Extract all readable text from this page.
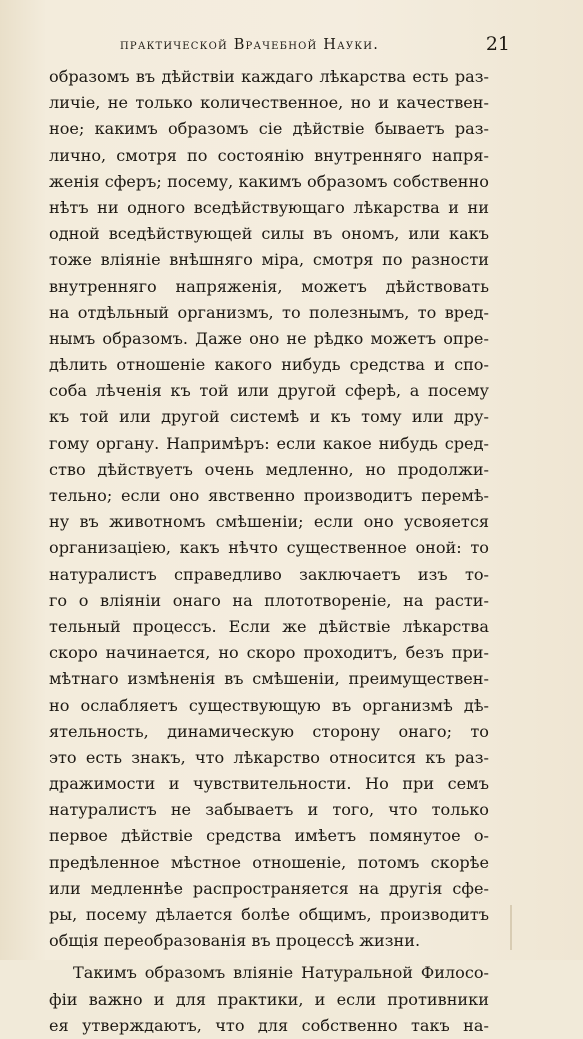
практической Врачебной Науки.	21
образомъ въ дѣйствіи каждаго лѣкарства есть раз-
личіе, не только количественное, но и качествен-
ное; какимъ образомъ сіе дѣйствіе бываетъ раз-
лично, смотря по состоянію внутренняго напря-
женія сферъ; посему, какимъ образомъ собственно
нѣтъ ни одного вседѣйствующаго лѣкарства и ни
одной вседѣйствующей силы въ ономъ, или какъ
тоже вліяніе внѣшняго міра, смотря по разности
внутренняго напряженія, можетъ дѣйствовать
на отдѣльный организмъ, то полезнымъ, то вред-
нымъ образомъ. Даже оно не рѣдко можетъ опре-
дѣлить отношеніе какого нибудь средства и спо-
соба лѣченія къ той или другой сферѣ, а посему
къ той или другой системѣ и къ тому или дру-
гому органу. Напримѣръ: если какое нибудь сред-
ство дѣйствуетъ очень медленно, но продолжи-
тельно; если оно явственно производитъ перемѣ-
ну въ животномъ смѣшеніи; если оно усвояется
организаціею, какъ нѣчто существенное оной: то
натуралистъ справедливо заключаетъ изъ то-
го о вліяніи онаго на плототвореніе, на расти-
тельный процессъ. Если же дѣйствіе лѣкарства
скоро начинается, но скоро проходитъ, безъ при-
мѣтнаго измѣненія въ смѣшеніи, преимуществен-
но ослабляетъ существующую въ организмѣ дѣ-
ятельность, динамическую сторону онаго; то
это есть знакъ, что лѣкарство относится къ раз-
дражимости и чувствительности. Но при семъ
натуралистъ не забываетъ и того, что только
первое дѣйствіе средства имѣетъ помянутое о-
предѣленное мѣстное отношеніе, потомъ скорѣе
или медленнѣе распространяется на другія сфе-
ры, посему дѣлается болѣе общимъ, производитъ
общія переобразованія въ процессѣ жизни.
Такимъ образомъ вліяніе Натуральной Филосо-
фіи важно и для практики, и если противники
ея утверждаютъ, что для собственно такъ на-
